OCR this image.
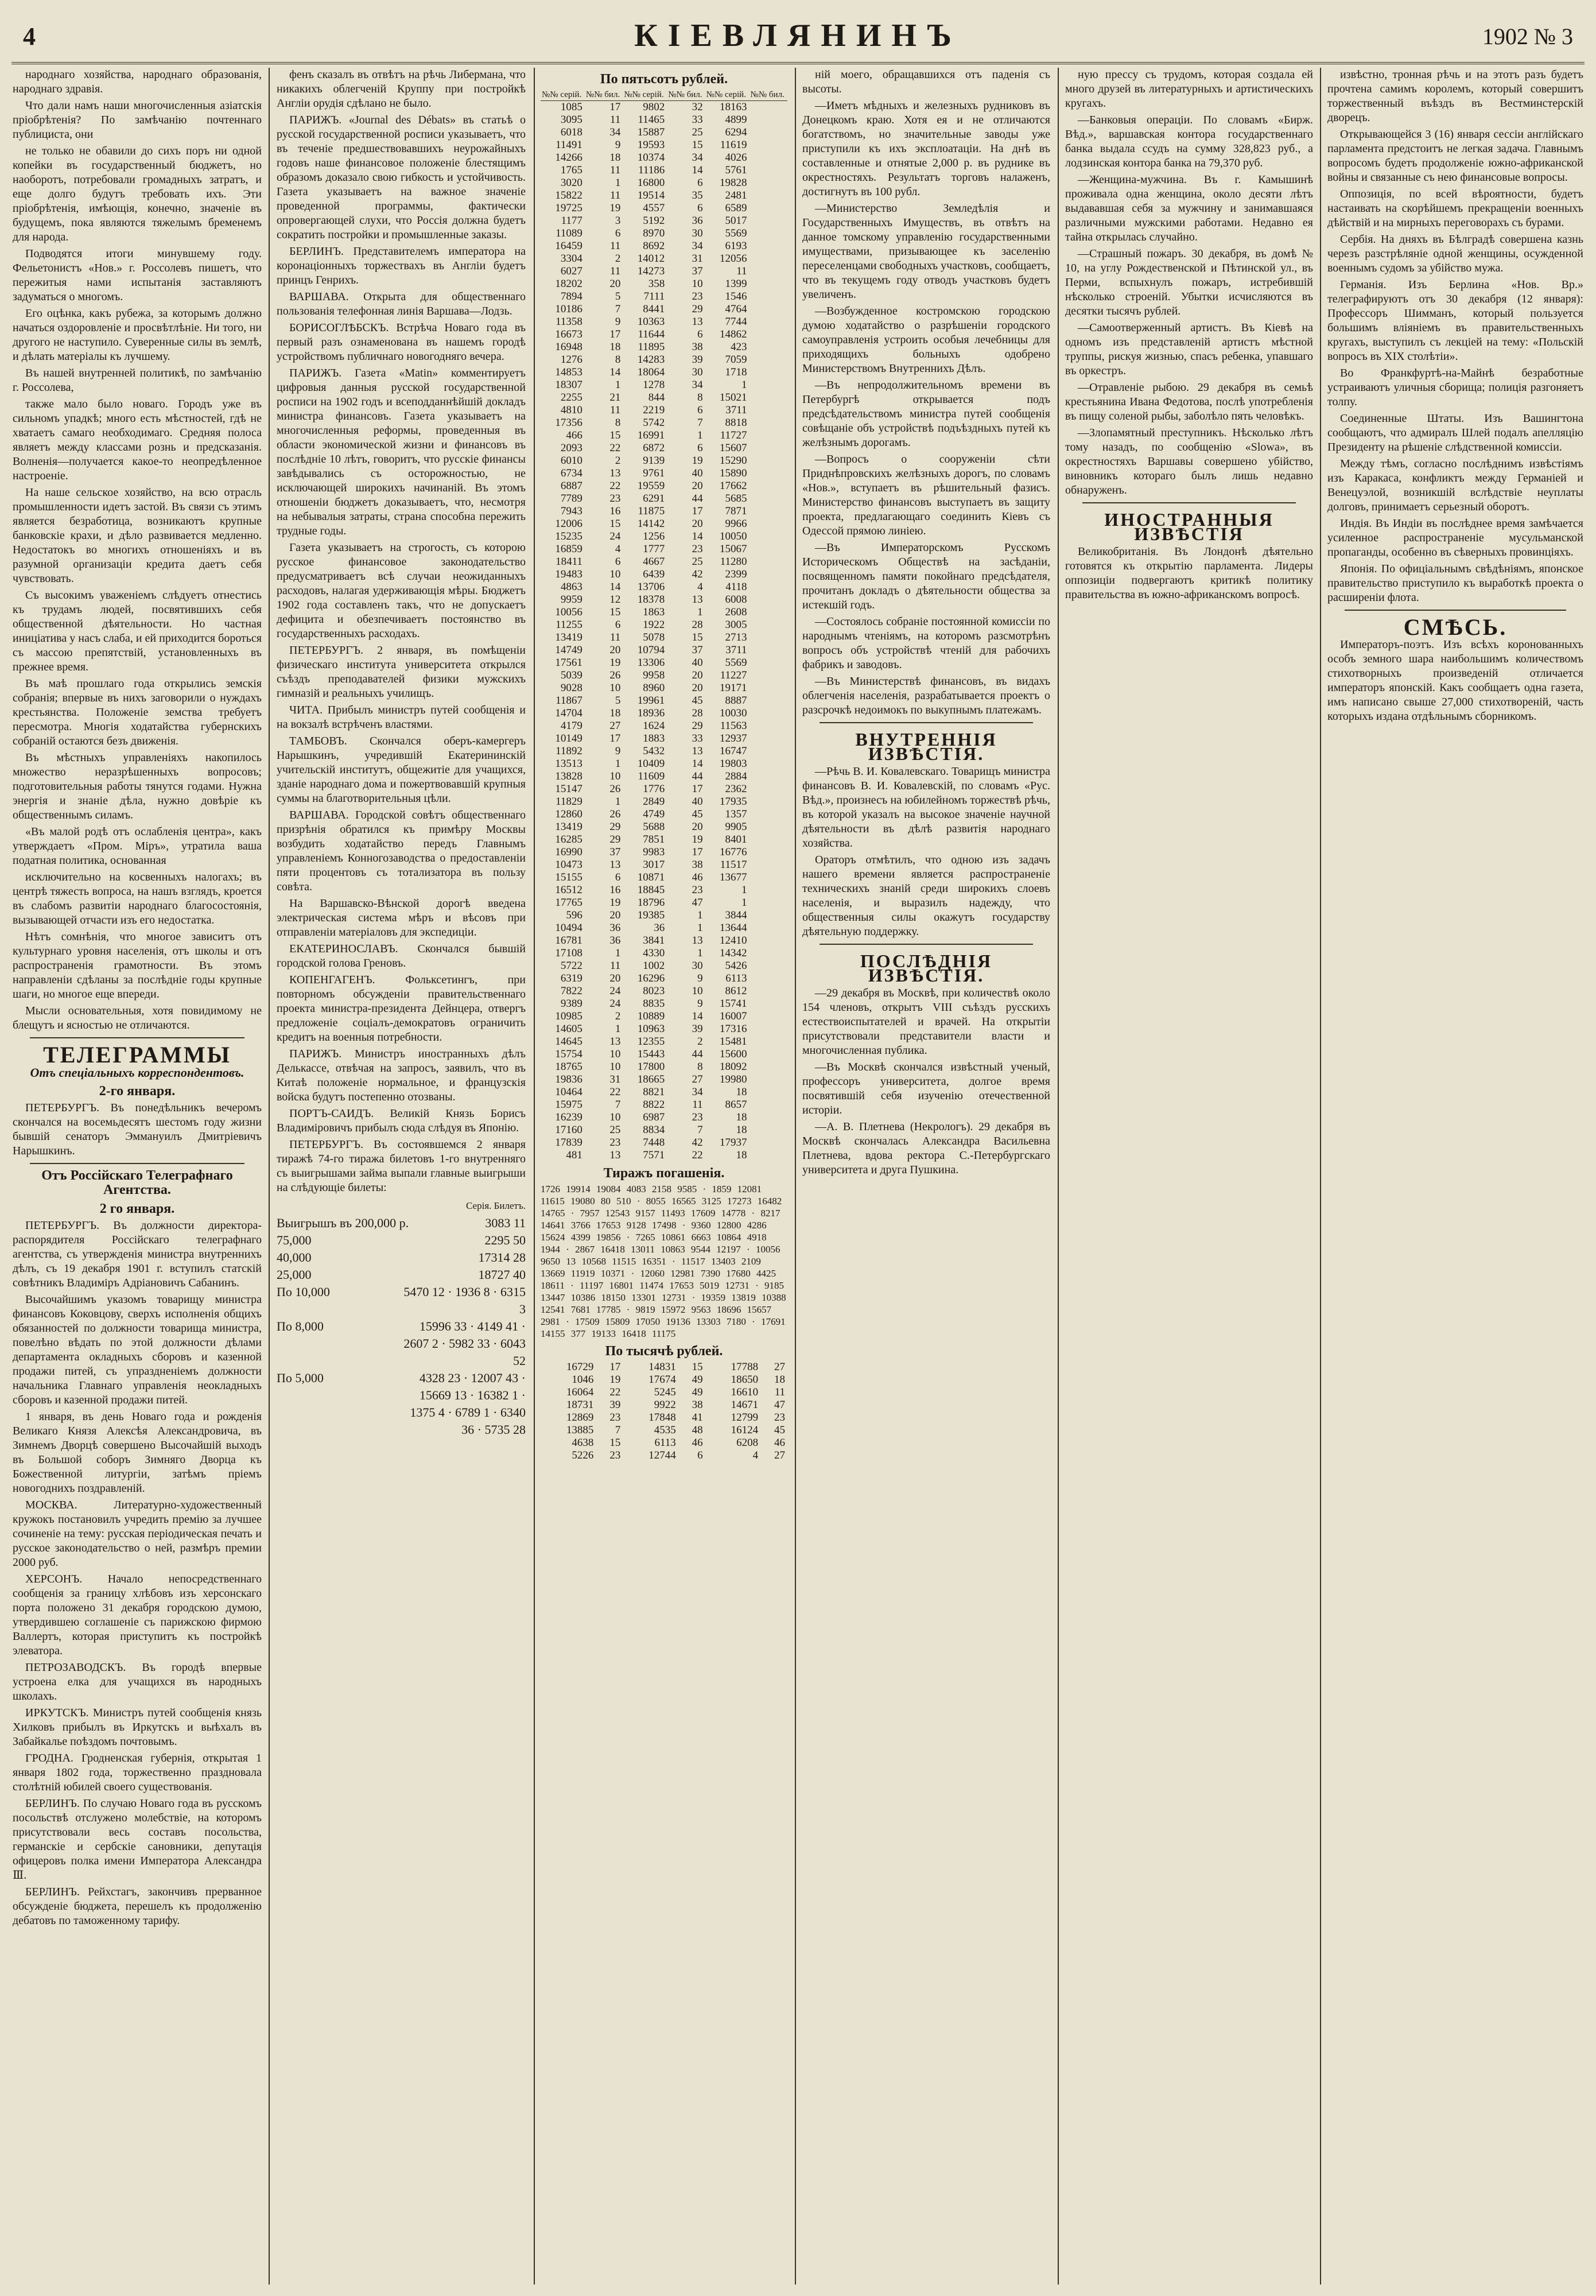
4	КІЕВЛЯНИНЪ	1902 № 3

народнаго хозяйства, народнаго образованія, народнаго здравія.

Что дали намъ наши многочисленныя азіатскія пріобрѣтенія? По замѣчанію почтеннаго публициста, они

не только не обавили до сихъ поръ ни одной копейки въ государственный бюджетъ, но наоборотъ, потребовали громадныхъ затратъ, и еще долго будутъ требовать ихъ. Эти пріобрѣтенія, имѣющія, конечно, значеніе въ будущемъ, пока являются тяжелымъ бременемъ для народа.

Подводятся итоги минувшему году. Фельетонистъ «Нов.» г. Россолевъ пишетъ, что пережитыя нами испытанія заставляютъ задуматься о многомъ.

Его оцѣнка, какъ рубежа, за которымъ должно начаться оздоровленіе и просвѣтлѣніе. Ни того, ни другого не наступило. Суверенные силы въ землѣ, и дѣлать матеріалы къ лучшему.

Въ нашей внутренней политикѣ, по замѣчанію г. Россолева,

также мало было новаго. Городъ уже въ сильномъ упадкѣ; много есть мѣстностей, гдѣ не хватаетъ самаго необходимаго. Средняя полоса являетъ между классами рознь и предсказанія. Волненія—получается какое-то неопредѣленное настроеніе.

На наше сельское хозяйство, на всю отрасль промышленности идетъ застой. Въ связи съ этимъ является безработица, возникаютъ крупные банковскіе крахи, и дѣло развивается медленно. Недостатокъ во многихъ отношеніяхъ и въ разумной организаціи кредита даетъ себя чувствовать.

Съ высокимъ уваженіемъ слѣдуетъ отнестись къ трудамъ людей, посвятившихъ себя общественной дѣятельности. Но частная иниціатива у насъ слаба, и ей приходится бороться съ массою препятствій, установленныхъ въ прежнее время.

Въ маѣ прошлаго года открылись земскія собранія; впервые въ нихъ заговорили о нуждахъ крестьянства. Положеніе земства требуетъ пересмотра. Многія ходатайства губернскихъ собраній остаются безъ движенія.

Въ мѣстныхъ управленіяхъ накопилось множество неразрѣшенныхъ вопросовъ; подготовительныя работы тянутся годами. Нужна энергія и знаніе дѣла, нужно довѣріе къ общественнымъ силамъ.

«Въ малой родѣ отъ ослабленія центра», какъ утверждаетъ «Пром. Міръ», утратила вашa податная политика, основанная

исключительно на косвенныхъ налогахъ; въ центрѣ тяжесть вопроса, на нашъ взглядъ, кроется въ слабомъ развитіи народнаго благосостоянія, вызывающей отчасти изъ его недостатка.

Нѣтъ сомнѣнія, что многое зависитъ отъ культурнаго уровня населенія, отъ школы и отъ распространенія грамотности. Въ этомъ направленіи сдѣланы за послѣдніе годы крупные шаги, но многое еще впереди.

Мысли основательныя, хотя повидимому не блещутъ и ясностью не отличаются.

ТЕЛЕГРАММЫ
Отъ спеціальныхъ корреспондентовъ.
2-го января.

ПЕТЕРБУРГЪ. Въ понедѣльникъ вечеромъ скончался на восемьдесятъ шестомъ году жизни бывшій сенаторъ Эммануилъ Дмитріевичъ Нарышкинъ.

Отъ Россійскаго Телеграфнаго Агентства.
2 го января.

ПЕТЕРБУРГЪ. Въ должности директора-распорядителя Россійскаго телеграфнаго агентства, съ утвержденія министра внутреннихъ дѣлъ, съ 19 декабря 1901 г. вступилъ статскій совѣтникъ Владиміръ Адріановичъ Сабанинъ.

Высочайшимъ указомъ товарищу министра финансовъ Коковцову, сверхъ исполненія общихъ обязанностей по должности товарища министра, повелѣно вѣдать по этой должности дѣлами департамента окладныхъ сборовъ и казенной продажи питей, съ упраздненіемъ должности начальника Главнаго управленія неокладныхъ сборовъ и казенной продажи питей.

1 января, въ день Новаго года и рожденія Великаго Князя Алексѣя Александровича, въ Зимнемъ Дворцѣ совершено Высочайшій выходъ въ Большой соборъ Зимняго Дворца къ Божественной литургіи, затѣмъ пріемъ новогоднихъ поздравленій.

МОСКВА. Литературно-художественный кружокъ постановилъ учредить премію за лучшее сочиненіе на тему: русская періодическая печать и русское законодательство о ней, размѣръ премии 2000 руб.

ХЕРСОНЪ. Начало непосредственнаго сообщенія за границу хлѣбовъ изъ херсонскаго порта положено 31 декабря городскою думою, утвердившею соглашеніе съ парижскою фирмою Валлертъ, которая приступитъ къ постройкѣ элеватора.

ПЕТРОЗАВОДСКЪ. Въ городѣ впервые устроена елка для учащихся въ народныхъ школахъ.

ИРКУТСКЪ. Министръ путей сообщенія князь Хилковъ прибылъ въ Иркутскъ и выѣхалъ въ Забайкалье поѣздомъ почтовымъ.

ГРОДНА. Гродненская губернія, открытая 1 января 1802 года, торжественно праздновала столѣтній юбилей своего существованія.

БЕРЛИНЪ. По случаю Новаго года въ русскомъ посольствѣ отслужено молебствіе, на которомъ присутствовали весь составъ посольства, германскіе и сербскіе сановники, депутація офицеровъ полка имени Императора Александра Ⅲ.

БЕРЛИНЪ. Рейхстагъ, закончивъ прерванное обсужденіе бюджета, перешелъ къ продолженію дебатовъ по таможенному тарифу.

фенъ сказалъ въ отвѣтъ на рѣчь Либермана, что никакихъ облегченій Круппу при постройкѣ Англіи орудія сдѣлано не было.

ПАРИЖЪ. «Journal des Débats» въ статьѣ о русской государственной росписи указываетъ, что въ теченіе предшествовавшихъ неурожайныхъ годовъ наше финансовое положеніе блестящимъ образомъ доказало свою гибкость и устойчивость. Газета указываетъ на важное значеніе проведенной программы, фактически опровергающей слухи, что Россія должна будетъ сократить постройки и промышленные заказы.

БЕРЛИНЪ. Представителемъ императора на коронаціонныхъ торжествахъ въ Англіи будетъ принцъ Генрихъ.

ВАРШАВА. Открыта для общественнаго пользованія телефонная линія Варшава—Лодзь.

БОРИСОГЛѢБСКЪ. Встрѣча Новаго года въ первый разъ ознаменована въ нашемъ городѣ устройствомъ публичнаго новогодняго вечера.

ПАРИЖЪ. Газета «Matin» комментируетъ цифровыя данныя русской государственной росписи на 1902 годъ и всеподданнѣйшій докладъ министра финансовъ. Газета указываетъ на многочисленныя реформы, проведенныя въ области экономической жизни и финансовъ въ послѣдніе 10 лѣтъ, говоритъ, что русскіе финансы завѣдывались съ осторожностью, не исключающей широкихъ начинаній. Въ этомъ отношеніи бюджетъ доказываетъ, что, несмотря на небывалыя затраты, страна способна пережить трудные годы.

Газета указываетъ на строгость, съ которою русское финансовое законодательство предусматриваетъ всѣ случаи неожиданныхъ расходовъ, налагая удерживающія мѣры. Бюджетъ 1902 года составленъ такъ, что не допускаетъ дефицита и обезпечиваетъ постоянство въ государственныхъ расходахъ.

ПЕТЕРБУРГЪ. 2 января, въ помѣщеніи физическаго института университета открылся съѣздъ преподавателей физики мужскихъ гимназій и реальныхъ училищъ.

ЧИТА. Прибылъ министръ путей сообщенія и на вокзалѣ встрѣченъ властями.

ТАМБОВЪ. Скончался оберъ-камергеръ Нарышкинъ, учредившій Екатерининскій учительскій институтъ, общежитіе для учащихся, зданіе народнаго дома и пожертвовавшій крупныя суммы на благотворительныя цѣли.

ВАРШАВА. Городской совѣтъ общественнаго призрѣнія обратился къ примѣру Москвы возбудить ходатайство передъ Главнымъ управленіемъ Конногозаводства о предоставленіи пяти процентовъ съ тотализатора въ пользу совѣта.

На Варшавско-Вѣнской дорогѣ введена электрическая система мѣръ и вѣсовъ при отправленіи матеріаловъ для экспедиціи.

ЕКАТЕРИНОСЛАВЪ. Скончался бывшій городской голова Греновъ.

КОПЕНГАГЕНЪ. Фольксетингъ, при повторномъ обсужденіи правительственнаго проекта министра-президента Дейнцера, отвергъ предложеніе соціалъ-демократовъ ограничить кредитъ на военныя потребности.

ПАРИЖЪ. Министръ иностранныхъ дѣлъ Делькассе, отвѣчая на запросъ, заявилъ, что въ Китаѣ положеніе нормальное, и французскія войска будутъ постепенно отозваны.

ПОРТЪ-САИДЪ. Великій Князь Борисъ Владиміровичъ прибылъ сюда слѣдуя въ Японію.

ПЕТЕРБУРГЪ. Въ состоявшемся 2 января тиражѣ 74-го тиража билетовъ 1-го внутренняго съ выигрышами займа выпали главные выигрыши на слѣдующіе билеты:

Серія. Билетъ.
Выигрышъ въ 200,000 р.	3083 11
75,000	2295 50
40,000	17314 28
25,000	18727 40
По 10,000	5470 12 · 1936 8 · 6315 3
По 8,000	15996 33 · 4149 41 · 2607 2 · 5982 33 · 6043 52
По 5,000	4328 23 · 12007 43 · 15669 13 · 16382 1 · 1375 4 · 6789 1 · 6340 36 · 5735 28
По пятьсотъ рублей.
№№ серій.	№№ бил.	№№ серій.	№№ бил.	№№ серій.	№№ бил.
1085	17	9802	32	18163	
3095	11	11465	33	4899	
6018	34	15887	25	6294	
11491	9	19593	15	11619	
14266	18	10374	34	4026	
1765	11	11186	14	5761	
3020	1	16800	6	19828	
15822	11	19514	35	2481	
19725	19	4557	6	6589	
1177	3	5192	36	5017	
11089	6	8970	30	5569	
16459	11	8692	34	6193	
3304	2	14012	31	12056	
6027	11	14273	37	11	
18202	20	358	10	1399	
7894	5	7111	23	1546	
10186	7	8441	29	4764	
11358	9	10363	13	7744	
16673	17	11644	6	14862	
16948	18	11895	38	423	
1276	8	14283	39	7059	
14853	14	18064	30	1718	
18307	1	1278	34	1	
2255	21	844	8	15021	
4810	11	2219	6	3711	
17356	8	5742	7	8818	
466	15	16991	1	11727	
2093	22	6872	6	15607	
6010	2	9139	19	15290	
6734	13	9761	40	15890	
6887	22	19559	20	17662	
7789	23	6291	44	5685	
7943	16	11875	17	7871	
12006	15	14142	20	9966	
15235	24	1256	14	10050	
16859	4	1777	23	15067	
18411	6	4667	25	11280	
19483	10	6439	42	2399	
4863	14	13706	4	4118	
9959	12	18378	13	6008	
10056	15	1863	1	2608	
11255	6	1922	28	3005	
13419	11	5078	15	2713	
14749	20	10794	37	3711	
17561	19	13306	40	5569	
5039	26	9958	20	11227	
9028	10	8960	20	19171	
11867	5	19961	45	8887	
14704	18	18936	28	10030	
4179	27	1624	29	11563	
10149	17	1883	33	12937	
11892	9	5432	13	16747	
13513	1	10409	14	19803	
13828	10	11609	44	2884	
15147	26	1776	17	2362	
11829	1	2849	40	17935	
12860	26	4749	45	1357	
13419	29	5688	20	9905	
16285	29	7851	19	8401	
16990	37	9983	17	16776	
10473	13	3017	38	11517	
15155	6	10871	46	13677	
16512	16	18845	23	1	
17765	19	18796	47	1	
596	20	19385	1	3844	
10494	36	36	1	13644	
16781	36	3841	13	12410	
17108	1	4330	1	14342	
5722	11	1002	30	5426	
6319	20	16296	9	6113	
7822	24	8023	10	8612	
9389	24	8835	9	15741	
10985	2	10889	14	16007	
14605	1	10963	39	17316	
14645	13	12355	2	15481	
15754	10	15443	44	15600	
18765	10	17800	8	18092	
19836	31	18665	27	19980	
10464	22	8821	34	18	
15975	7	8822	11	8657	
16239	10	6987	23	18	
17160	25	8834	7	18	
17839	23	7448	42	17937	
481	13	7571	22	18	
Тиражъ погашенія.
1726 19914 19084 4083 2158 9585 · 1859 12081 11615 19080 80 510 · 8055 16565 3125 17273 16482 14765 · 7957 12543 9157 11493 17609 14778 · 8217 14641 3766 17653 9128 17498 · 9360 12800 4286 15624 4399 19856 · 7265 10861 6663 10864 4918 1944 · 2867 16418 13011 10863 9544 12197 · 10056 9650 13 10568 11515 16351 · 11517 13403 2109 13669 11919 10371 · 12060 12981 7390 17680 4425 18611 · 11197 16801 11474 17653 5019 12731 · 9185 13447 10386 18150 13301 12731 · 19359 13819 10388 12541 7681 17785 · 9819 15972 9563 18696 15657 2981 · 17509 15809 17050 19136 13303 7180 · 17691 14155 377 19133 16418 11175
По тысячѣ рублей.
16729	17	14831	15	17788	27
1046	19	17674	49	18650	18
16064	22	5245	49	16610	11
18731	39	9922	38	14671	47
12869	23	17848	41	12799	23
13885	7	4535	48	16124	45
4638	15	6113	46	6208	46
5226	23	12744	6	4	27

ній моегo, обращавшихся отъ паденія съ высоты.

—Иметъ мѣдныхъ и железныхъ рудниковъ въ Донецкомъ краю. Хотя ея и не отличаются богатствомъ, но значительные заводы уже приступили къ ихъ эксплоатаціи. На днѣ въ составленные и отнятые 2,000 р. въ руднике въ окрестностяхъ. Результатъ торговъ налаженъ, достигнутъ въ 100 рубл.

—Министерство Земледѣлія и Государственныхъ Имуществъ, въ отвѣтъ на данное томскому управленію государственными имуществами, призывающее къ заселенію переселенцами свободныхъ участковъ, сообщаетъ, что въ текущемъ году отводъ участковъ будетъ увеличенъ.

—Возбужденное костромскою городскою думою ходатайство о разрѣшеніи городского самоуправленія устроить особыя лечебницы для приходящихъ больныхъ одобрено Министерствомъ Внутреннихъ Дѣлъ.

—Въ непродолжительномъ времени въ Петербургѣ открывается подъ предсѣдательствомъ министра путей сообщенія совѣщаніе объ устройствѣ подъѣздныхъ путей къ желѣзнымъ дорогамъ.

—Вопросъ о сооруженіи сѣти Приднѣпровскихъ желѣзныхъ дорогъ, по словамъ «Нов.», вступаетъ въ рѣшительный фазисъ. Министерство финансовъ выступаетъ въ защиту проекта, предлагающаго соединить Кіевъ съ Одессой прямою линіею.

—Въ Императорскомъ Русскомъ Историческомъ Обществѣ на засѣданіи, посвященномъ памяти покойнаго предсѣдателя, прочитанъ докладъ о дѣятельности общества за истекшій годъ.

—Состоялось собраніе постоянной комиссіи по народнымъ чтеніямъ, на которомъ разсмотрѣнъ вопросъ объ устройствѣ чтеній для рабочихъ фабрикъ и заводовъ.

—Въ Министерствѣ финансовъ, въ видахъ облегченія населенія, разрабатывается проектъ о разсрочкѣ недоимокъ по выкупнымъ платежамъ.

ВНУТРЕННІЯ ИЗВѢСТІЯ.

—Рѣчь В. И. Ковалевскаго. Товарищъ министра финансовъ В. И. Ковалевскій, по словамъ «Рус. Вѣд.», произнесъ на юбилейномъ торжествѣ рѣчь, въ которой указалъ на высокое значеніе научной дѣятельности въ дѣлѣ развитія народнаго хозяйства.

Ораторъ отмѣтилъ, что одною изъ задачъ нашего времени является распространеніе техническихъ знаній среди широкихъ слоевъ населенія, и выразилъ надежду, что общественныя силы окажутъ государству дѣятельную поддержку.

ПОСЛѢДНІЯ ИЗВѢСТІЯ.

—29 декабря въ Москвѣ, при количествѣ около 154 членовъ, открытъ VIII съѣздъ русскихъ естествоиспытателей и врачей. На открытіи присутствовали представители власти и многочисленная публика.

—Въ Москвѣ скончался извѣстный ученый, профессоръ университета, долгое время посвятившій себя изученію отечественной исторіи.

—А. В. Плетнева (Некрологъ). 29 декабря въ Москвѣ скончалась Александра Васильевна Плетнева, вдова ректора С.-Петербургскаго университета и друга Пушкина.

ную прессу съ трудомъ, которая создала ей много друзей въ литературныхъ и артистическихъ кругахъ.

—Банковыя операціи. По словамъ «Бирж. Вѣд.», варшавская контора государственнаго банка выдала ссудъ на сумму 328,823 руб., а лодзинская контора банка на 79,370 руб.

—Женщина-мужчина. Въ г. Камышинѣ проживала одна женщина, около десяти лѣтъ выдававшая себя за мужчину и занимавшаяся различными мужскими работами. Недавно ея тайна открылась случайно.

—Страшный пожаръ. 30 декабря, въ домѣ № 10, на углу Рождественской и Пѣтинской ул., въ Перми, вспыхнулъ пожаръ, истребившій нѣсколько строеній. Убытки исчисляются въ десятки тысячъ рублей.

—Самоотверженный артистъ. Въ Кіевѣ на одномъ изъ представленій артистъ мѣстной труппы, рискуя жизнью, спасъ ребенка, упавшаго въ оркестръ.

—Отравленіе рыбою. 29 декабря въ семьѣ крестьянина Ивана Федотова, послѣ употребленія въ пищу соленой рыбы, заболѣло пять человѣкъ.

—Злопамятный преступникъ. Нѣсколько лѣтъ тому назадъ, по сообщенію «Slowa», въ окрестностяхъ Варшавы совершено убійство, виновникъ котораго былъ лишь недавно обнаруженъ.

ИНОСТРАННЫЯ ИЗВѢСТІЯ

Великобританія. Въ Лондонѣ дѣятельно готовятся къ открытію парламента. Лидеры оппозиціи подвергаютъ критикѣ политику правительства въ южно-африканскомъ вопросѣ.

извѣстно, тронная рѣчь и на этотъ разъ будетъ прочтена самимъ королемъ, который совершитъ торжественный въѣздъ въ Вестминстерскій дворецъ.

Открывающейся 3 (16) января сессіи англійскаго парламента предстоитъ не легкая задача. Главнымъ вопросомъ будетъ продолженіе южно-африканской войны и связанные съ нею финансовые вопросы.

Оппозиція, по всей вѣроятности, будетъ настаивать на скорѣйшемъ прекращеніи военныхъ дѣйствій и на мирныхъ переговорахъ съ бурами.

Сербія. На дняхъ въ Бѣлградѣ совершена казнь черезъ разстрѣляніе одной женщины, осужденной военнымъ судомъ за убійство мужа.

Германія. Изъ Берлина «Нов. Вр.» телеграфируютъ отъ 30 декабря (12 января): Профессоръ Шимманъ, который пользуется большимъ вліяніемъ въ правительственныхъ кругахъ, выступилъ съ лекціей на тему: «Польскій вопросъ въ XIX столѣтіи».

Во Франкфуртѣ-на-Майнѣ безработные устраиваютъ уличныя сборища; полиція разгоняетъ толпу.

Соединенные Штаты. Изъ Вашингтона сообщаютъ, что адмиралъ Шлей подалъ апелляцію Президенту на рѣшеніе слѣдственной комиссіи.

Между тѣмъ, согласно послѣднимъ извѣстіямъ изъ Каракаса, конфликтъ между Германіей и Венецуэлой, возникшій вслѣдствіе неуплаты долговъ, принимаетъ серьезный оборотъ.

Индія. Въ Индіи въ послѣднее время замѣчается усиленное распространеніе мусульманской пропаганды, особенно въ сѣверныхъ провинціяхъ.

Японія. По офиціальнымъ свѣдѣніямъ, японское правительство приступило къ выработкѣ проекта о расширеніи флота.

СМѢСЬ.

Императоръ-поэтъ. Изъ всѣхъ коронованныхъ особъ земного шара наибольшимъ количествомъ стихотворныхъ произведеній отличается императоръ японскій. Какъ сообщаетъ одна газета, имъ написано свыше 27,000 стихотвореній, часть которыхъ издана отдѣльнымъ сборникомъ.
